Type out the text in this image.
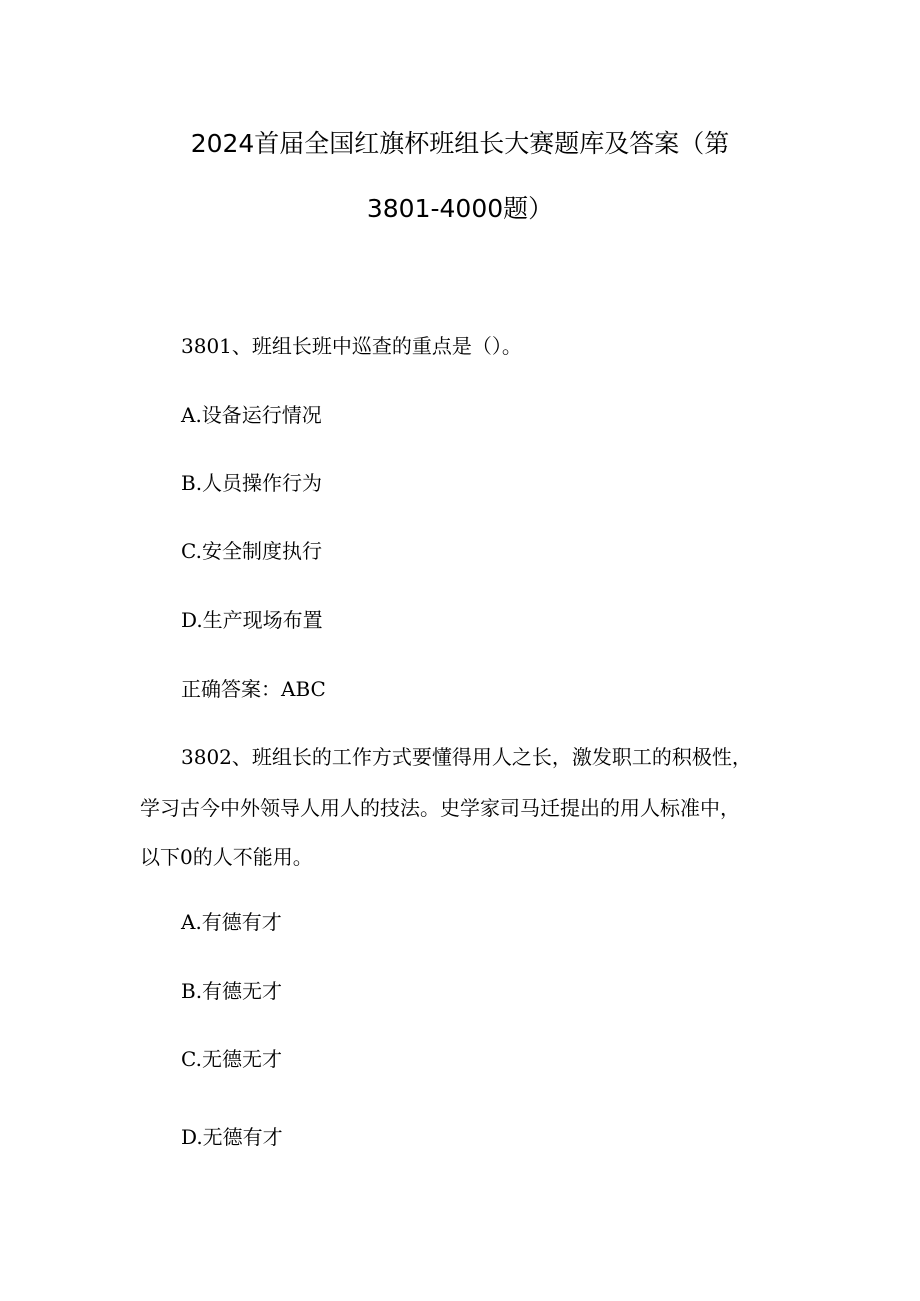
2024首届全国红旗杯班组长大赛题库及答案（第
3801-4000题）

3801、班组长班中巡查的重点是（）。

A.设备运行情况

B.人员操作行为

C.安全制度执行

D.生产现场布置

正确答案：ABC

3802、班组长的工作方式要懂得用人之长，激发职工的积极性，

学习古今中外领导人用人的技法。史学家司马迁提出的用人标准中，

以下0的人不能用。

A.有德有才

B.有德无才

C.无德无才

D.无德有才
